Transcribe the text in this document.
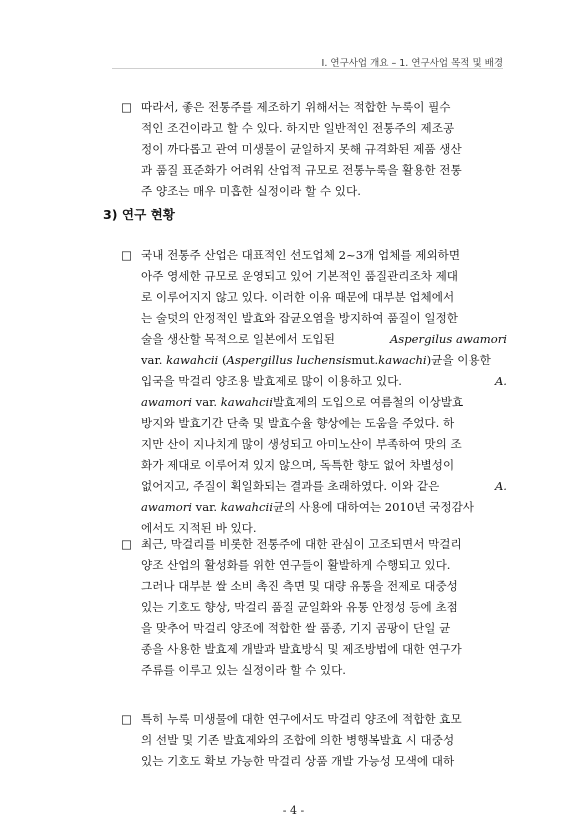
Ⅰ. 연구사업 개요 – 1. 연구사업 목적 및 배경
□ 따라서, 좋은 전통주를 제조하기 위해서는 적합한 누룩이 필수
적인 조건이라고 할 수 있다. 하지만 일반적인 전통주의 제조공
정이 까다롭고 관여 미생물이 균일하지 못해 규격화된 제품 생산
과 품질 표준화가 어려워 산업적 규모로 전통누룩을 활용한 전통
주 양조는 매우 미흡한 실정이라 할 수 있다.
3) 연구 현황
□ 국내 전통주 산업은 대표적인 선도업체 2~3개 업체를 제외하면
아주 영세한 규모로 운영되고 있어 기본적인 품질관리조차 제대
로 이루어지지 않고 있다. 이러한 이유 때문에 대부분 업체에서
는 술덧의 안정적인 발효와 잡균오염을 방지하여 품질이 일정한
술을 생산할 목적으로 일본에서 도입된	Aspergilus awamori
var.
kawahcii
( Aspergillus luchensis mut. kawachi )균을 이용한
입국을 막걸리 양조용 발효제로 많이 이용하고 있다.	A.
awamori
var.
kawahcii 발효제의 도입으로 여름철의 이상발효
방지와 발효기간 단축 및 발효수율 향상에는 도움을 주었다. 하
지만 산이 지나치게 많이 생성되고 아미노산이 부족하여 맛의 조
화가 제대로 이루어져 있지 않으며, 독특한 향도 없어 차별성이
없어지고, 주질이 획일화되는 결과를 초래하였다. 이와 같은	A.
awamori
var.
kawahcii 균의 사용에 대하여는 2010년 국정감사
에서도 지적된 바 있다.
□ 최근, 막걸리를 비롯한 전통주에 대한 관심이 고조되면서 막걸리
양조 산업의 활성화를 위한 연구들이 활발하게 수행되고 있다.
그러나 대부분 쌀 소비 촉진 측면 및 대량 유통을 전제로 대중성
있는 기호도 향상, 막걸리 품질 균일화와 유통 안정성 등에 초점
을 맞추어 막걸리 양조에 적합한 쌀 품종, 기지 곰팡이 단일 균
종을 사용한 발효제 개발과 발효방식 및 제조방법에 대한 연구가
주류를 이루고 있는 실정이라 할 수 있다.
□ 특히 누룩 미생물에 대한 연구에서도 막걸리 양조에 적합한 효모
의 선발 및 기존 발효제와의 조합에 의한 병행복발효 시 대중성
있는 기호도 확보 가능한 막걸리 상품 개발 가능성 모색에 대하
- 4 -
